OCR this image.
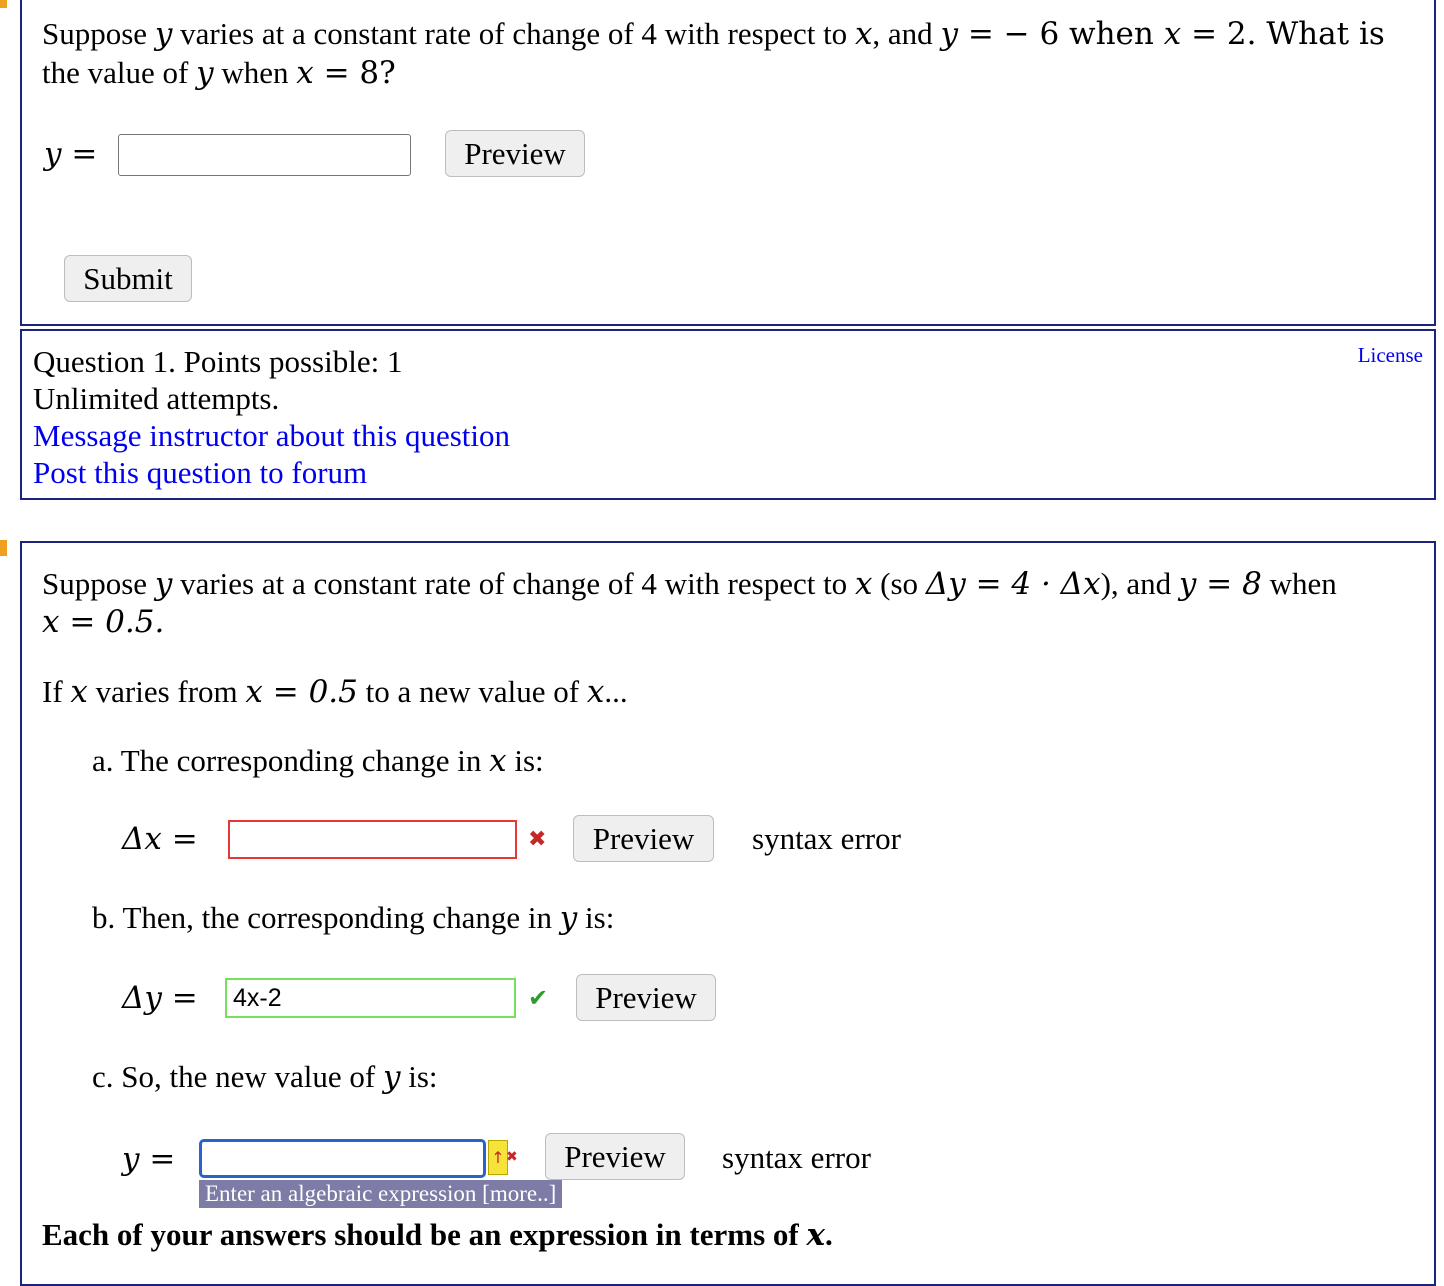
Suppose y varies at a constant rate of change of 4 with respect to x, and y = − 6 when x = 2. What is
the value of y when x = 8?
y =	Preview
Submit
Question 1. Points possible: 1
Unlimited attempts.
Message instructor about this question
Post this question to forum
License
Suppose y varies at a constant rate of change of 4 with respect to x (so Δy = 4 · Δx), and y = 8 when
x = 0.5.
If x varies from x = 0.5 to a new value of x...
a. The corresponding change in x is:
Δx =	✖	Preview	syntax error
b. Then, the corresponding change in y is:
Δy =
4x-2	✔	Preview
c. So, the new value of y is:
y =	↑ ✖	Preview	syntax error
Enter an algebraic expression [more..]
Each of your answers should be an expression in terms of x.
